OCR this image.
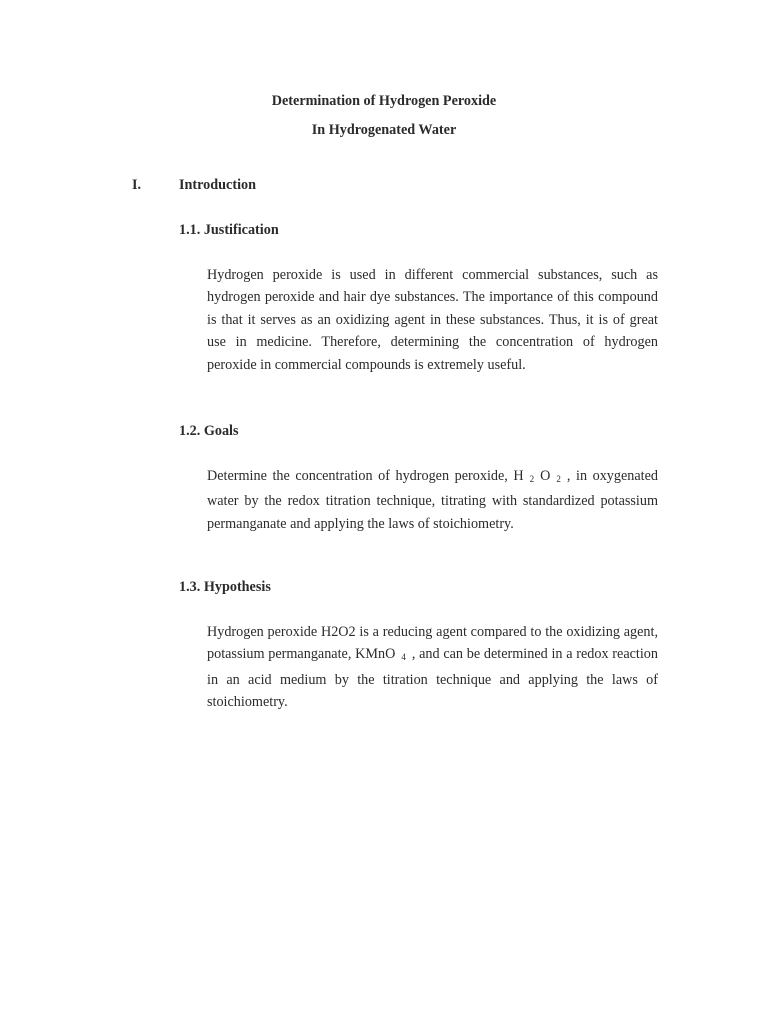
Determination of Hydrogen Peroxide
In Hydrogenated Water
I.	Introduction
1.1. Justification

Hydrogen peroxide is used in different commercial substances, such as hydrogen peroxide and hair dye substances. The importance of this compound is that it serves as an oxidizing agent in these substances. Thus, it is of great use in medicine. Therefore, determining the concentration of hydrogen peroxide in commercial compounds is extremely useful.

1.2. Goals

Determine the concentration of hydrogen peroxide, H $_2$ O $_2$ , in oxygenated water by the redox titration technique, titrating with standardized potassium permanganate and applying the laws of stoichiometry.

1.3. Hypothesis

Hydrogen peroxide H2O2 is a reducing agent compared to the oxidizing agent, potassium permanganate, KMnO $_4$ , and can be determined in a redox reaction in an acid medium by the titration technique and applying the laws of stoichiometry.
